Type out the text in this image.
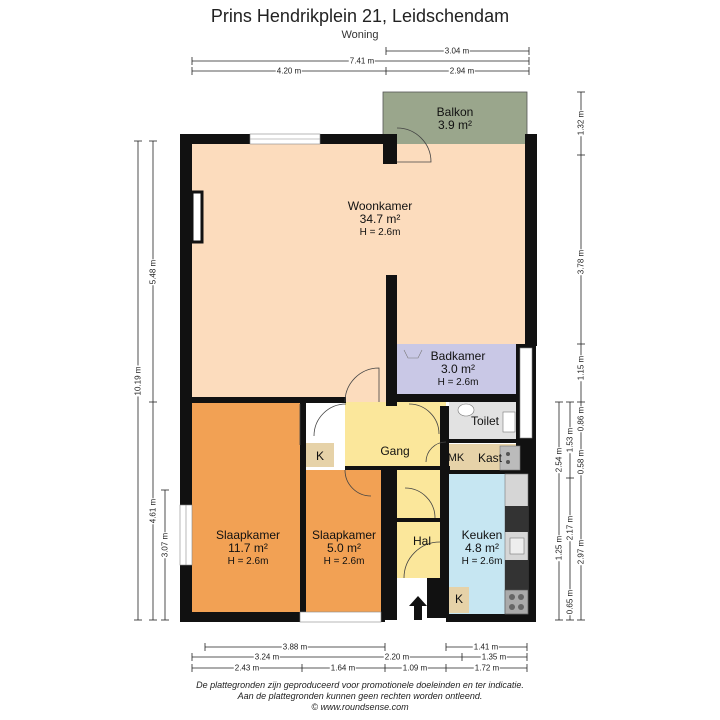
Prins Hendrikplein 21, Leidschendam
Woning
3.04 m
7.41 m
4.20 m	2.94 m
3.88 m	1.41 m
3.24 m	2.20 m	1.35 m
2.43 m	1.64 m	1.09 m	1.72 m
10.19 m
5.48 m
4.61 m
3.07 m
1.32 m
3.78 m
1.15 m
0.86 m
1.53 m
0.58 m
2.54 m
2.17 m
1.25 m 2.97 m
0.65 m
Balkon
3.9 m²
Woonkamer
34.7 m²
H = 2.6m
Badkamer
3.0 m²
H = 2.6m
Toilet
Gang	MK	Kast
K
K
Slaapkamer
11.7 m²
H = 2.6m
Slaapkamer
5.0 m²
H = 2.6m
Hal	Keuken
4.8 m²
H = 2.6m
De plattegronden zijn geproduceerd voor promotionele doeleinden en ter indicatie.
Aan de plattegronden kunnen geen rechten worden ontleend.
© www.roundsense.com
